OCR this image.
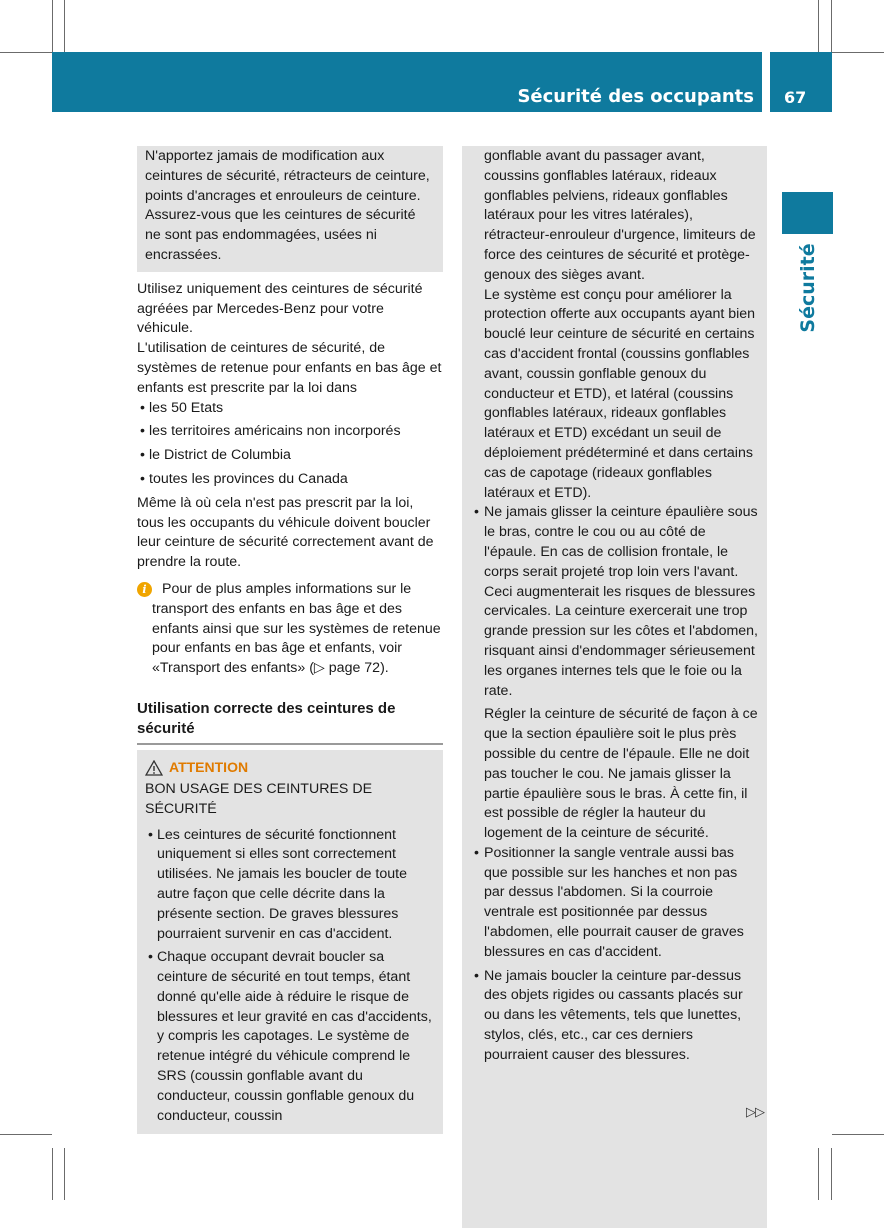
Sécurité des occupants 67
Sécurité

N'apportez jamais de modification aux ceintures de sécurité, rétracteurs de ceinture, points d'ancrages et enrouleurs de ceinture. Assurez-vous que les ceintures de sécurité ne sont pas endommagées, usées ni encrassées.

Utilisez uniquement des ceintures de sécurité agréées par Mercedes-Benz pour votre véhicule.

L'utilisation de ceintures de sécurité, de systèmes de retenue pour enfants en bas âge et enfants est prescrite par la loi dans

• les 50 Etats
• les territoires américains non incorporés
• le District de Columbia
• toutes les provinces du Canada

Même là où cela n'est pas prescrit par la loi, tous les occupants du véhicule doivent boucler leur ceinture de sécurité correctement avant de prendre la route.

i	Pour de plus amples informations sur le transport des enfants en bas âge et des enfants ainsi que sur les systèmes de retenue pour enfants en bas âge et enfants, voir «Transport des enfants» (▷ page 72).
Utilisation correcte des ceintures de sécurité
ATTENTION
BON USAGE DES CEINTURES DE SÉCURITÉ
• Les ceintures de sécurité fonctionnent uniquement si elles sont correctement utilisées. Ne jamais les boucler de toute autre façon que celle décrite dans la présente section. De graves blessures pourraient survenir en cas d'accident.
• Chaque occupant devrait boucler sa ceinture de sécurité en tout temps, étant donné qu'elle aide à réduire le risque de blessures et leur gravité en cas d'accidents, y compris les capotages. Le système de retenue intégré du véhicule comprend le SRS (coussin gonflable avant du conducteur, coussin gonflable genoux du conducteur, coussin

gonflable avant du passager avant, coussins gonflables latéraux, rideaux gonflables pelviens, rideaux gonflables latéraux pour les vitres latérales), rétracteur-enrouleur d'urgence, limiteurs de force des ceintures de sécurité et protège-genoux des sièges avant.

Le système est conçu pour améliorer la protection offerte aux occupants ayant bien bouclé leur ceinture de sécurité en certains cas d'accident frontal (coussins gonflables avant, coussin gonflable genoux du conducteur et ETD), et latéral (coussins gonflables latéraux, rideaux gonflables latéraux et ETD) excédant un seuil de déploiement prédéterminé et dans certains cas de capotage (rideaux gonflables latéraux et ETD).

• Ne jamais glisser la ceinture épaulière sous le bras, contre le cou ou au côté de l'épaule. En cas de collision frontale, le corps serait projeté trop loin vers l'avant. Ceci augmenterait les risques de blessures cervicales. La ceinture exercerait une trop grande pression sur les côtes et l'abdomen, risquant ainsi d'endommager sérieusement les organes internes tels que le foie ou la rate.

Régler la ceinture de sécurité de façon à ce que la section épaulière soit le plus près possible du centre de l'épaule. Elle ne doit pas toucher le cou. Ne jamais glisser la partie épaulière sous le bras. À cette fin, il est possible de régler la hauteur du logement de la ceinture de sécurité.

• Positionner la sangle ventrale aussi bas que possible sur les hanches et non pas par dessus l'abdomen. Si la courroie ventrale est positionnée par dessus l'abdomen, elle pourrait causer de graves blessures en cas d'accident.
• Ne jamais boucler la ceinture par-dessus des objets rigides ou cassants placés sur ou dans les vêtements, tels que lunettes, stylos, clés, etc., car ces derniers pourraient causer des blessures.
▷▷
